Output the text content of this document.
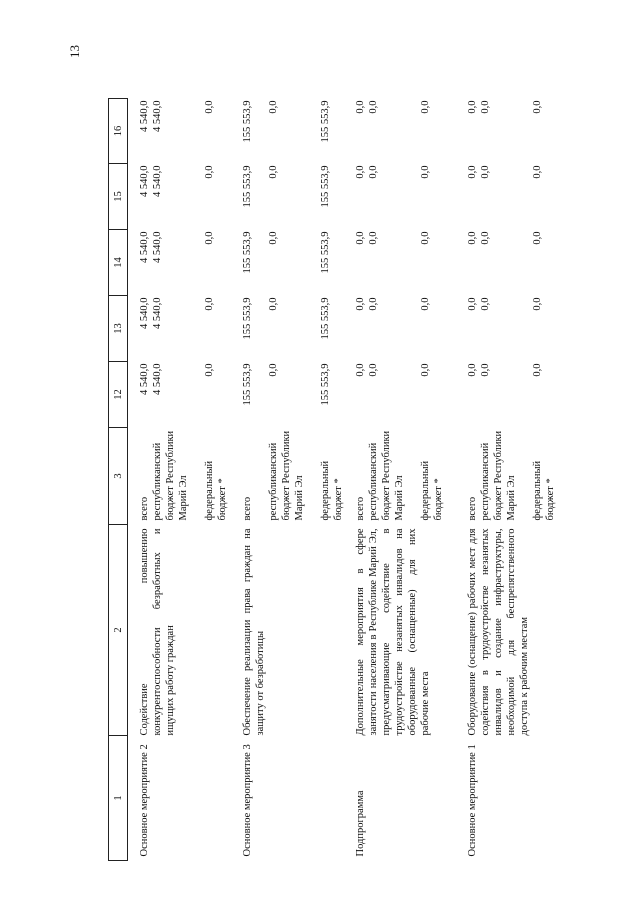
13
1	2	3	12	13	14	15	16
Основное мероприятие 2	Содействие повышению конкурентоспособности безработных и ищущих работу граждан	всего республиканский бюджет Республики Марий Эл федеральный бюджет *	4 540,0 4 540,0 0,0	4 540,0 4 540,0 0,0	4 540,0 4 540,0 0,0	4 540,0 4 540,0 0,0	4 540,0 4 540,0 0,0

Основное мероприятие 3	Обеспечение реализации права граждан на защиту от безработицы	всего республиканский бюджет Республики Марий Эл федеральный бюджет *	155 553,9 0,0 155 553,9	155 553,9 0,0 155 553,9	155 553,9 0,0 155 553,9	155 553,9 0,0 155 553,9	155 553,9 0,0 155 553,9

Подпрограмма	Дополнительные мероприятия в сфере занятости населения в Республике Марий Эл, предусматривающие содействие в трудоустройстве незанятых инвалидов на оборудованные (оснащенные) для них рабочие места	всего республиканский бюджет Республики Марий Эл федеральный бюджет *	0,0 0,0 0,0	0,0 0,0 0,0	0,0 0,0 0,0	0,0 0,0 0,0	0,0 0,0 0,0

Основное мероприятие 1	Оборудование (оснащение) рабочих мест для содействия в трудоустройстве незанятых инвалидов и создание инфраструктуры, необходимой для беспрепятственного доступа к рабочим местам	всего республиканский бюджет Республики Марий Эл федеральный бюджет *	0,0 0,0 0,0	0,0 0,0 0,0	0,0 0,0 0,0	0,0 0,0 0,0	0,0 0,0 0,0
